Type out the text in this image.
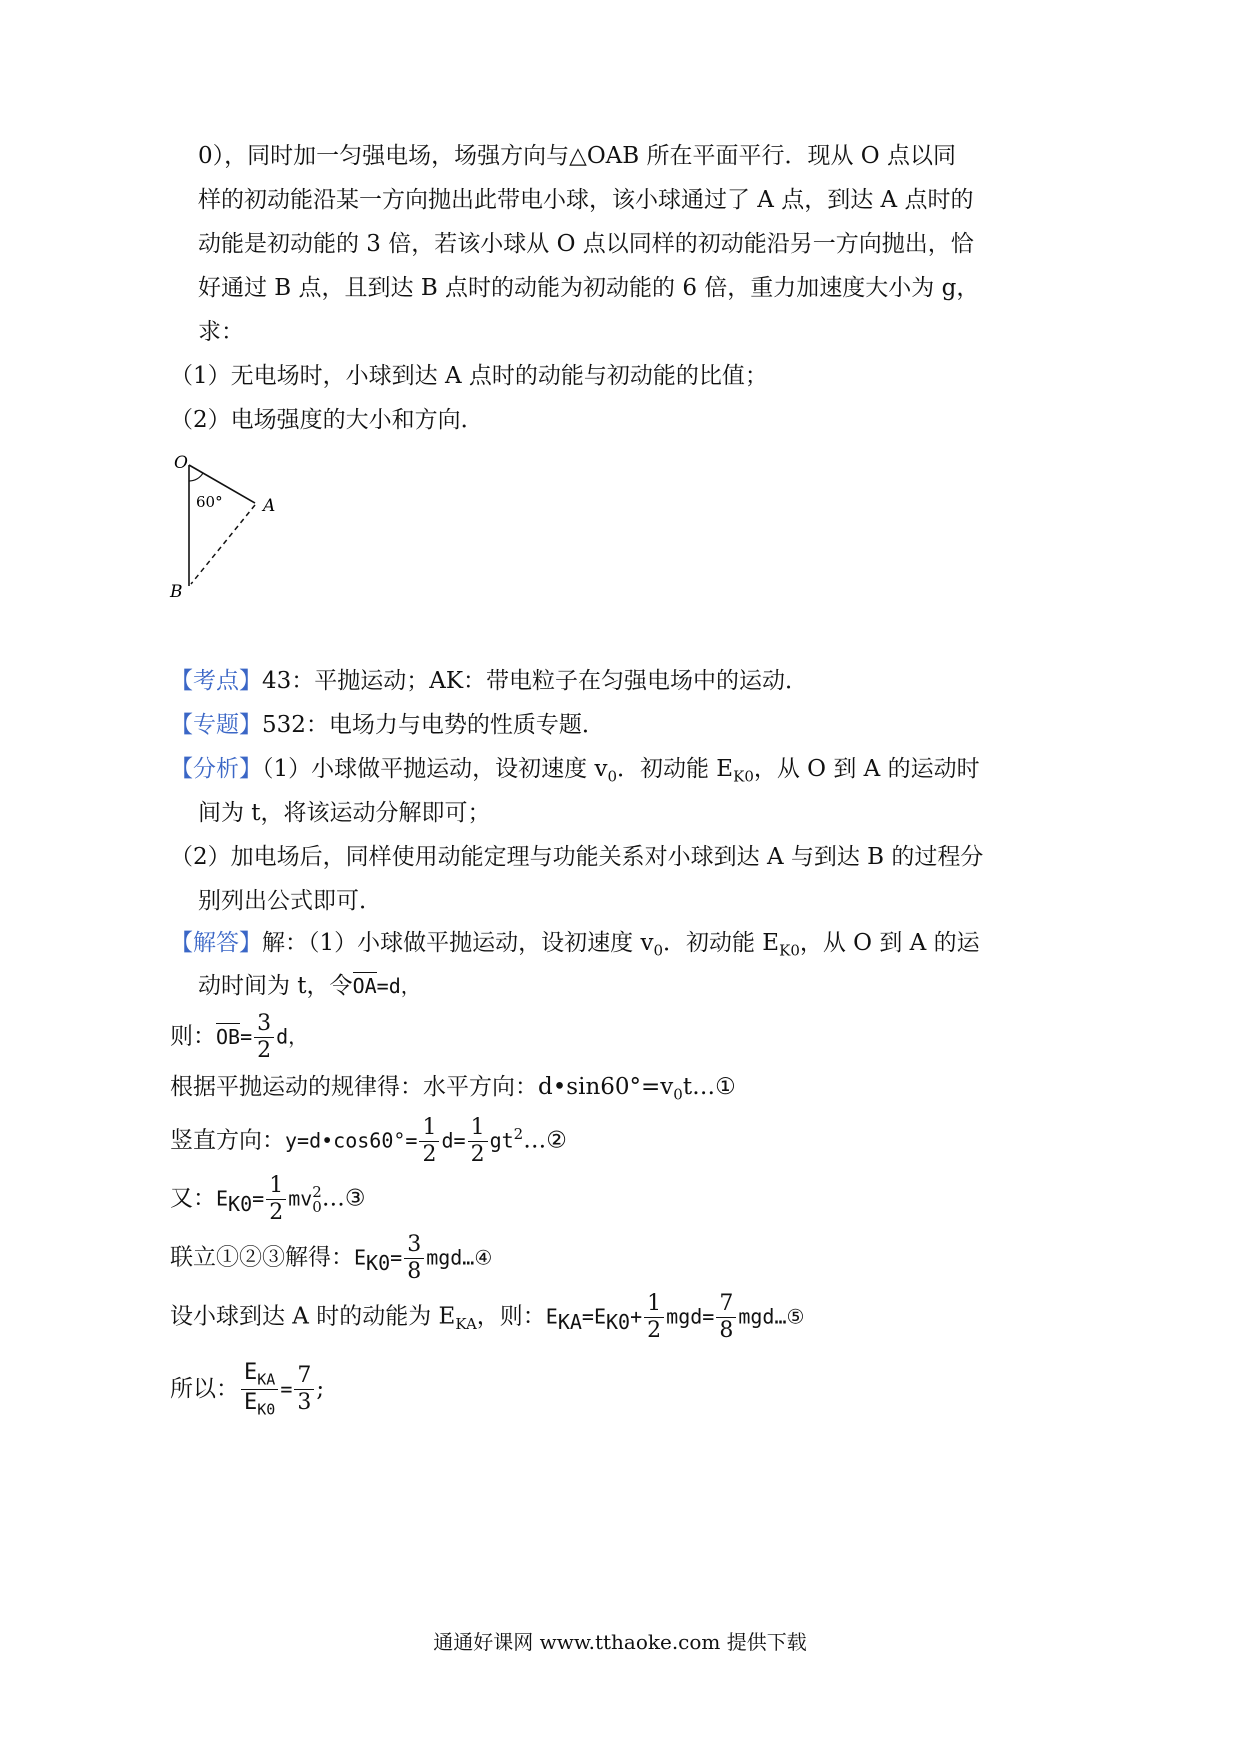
0），同时加一匀强电场，场强方向与△OAB 所在平面平行．现从 O 点以同
样的初动能沿某一方向抛出此带电小球，该小球通过了 A 点，到达 A 点时的
动能是初动能的 3 倍，若该小球从 O 点以同样的初动能沿另一方向抛出，恰
好通过 B 点，且到达 B 点时的动能为初动能的 6 倍，重力加速度大小为 g，
求：
（1）无电场时，小球到达 A 点时的动能与初动能的比值；
（2）电场强度的大小和方向．
O
A
B
60°
【考点】43：平抛运动；AK：带电粒子在匀强电场中的运动．
【专题】532：电场力与电势的性质专题．
【分析】（1）小球做平抛运动，设初速度 $v_0$．初动能 $E_{K0}$，从 O 到 A 的运动时
间为 t，将该运动分解即可；
（2）加电场后，同样使用动能定理与功能关系对小球到达 A 与到达 B 的过程分
别列出公式即可．
【解答】解：（1）小球做平抛运动，设初速度 $v_0$．初动能 $E_{K0}$，从 O 到 A 的运
动时间为 t，令OA=d，
则：$OB= \frac{3}{2}$ d，
根据平抛运动的规律得：水平方向：$d•\sin 60^\circ=v_0t\dots ①$
竖直方向：y=d•cos60°= $\frac{1}{2} d= \frac{1}{2}$ $gt^2\dots ②$
又：$E_{K0}= \frac{1}{2}$ mv 2
0 …③
联立①②③解得：$E_{K0}= \frac{3}{8}$ mgd…④
设小球到达 A 时的动能为 $E_{KA}$，则：$E_{KA}=E_{K0}+ \frac{1}{2} mgd= \frac{7}{8}$ mgd…⑤
所以： $\frac{E_{KA}}{E_{K0}} = \frac{7}{3}$ ;
通通好课网 www.tthaoke.com 提供下载
